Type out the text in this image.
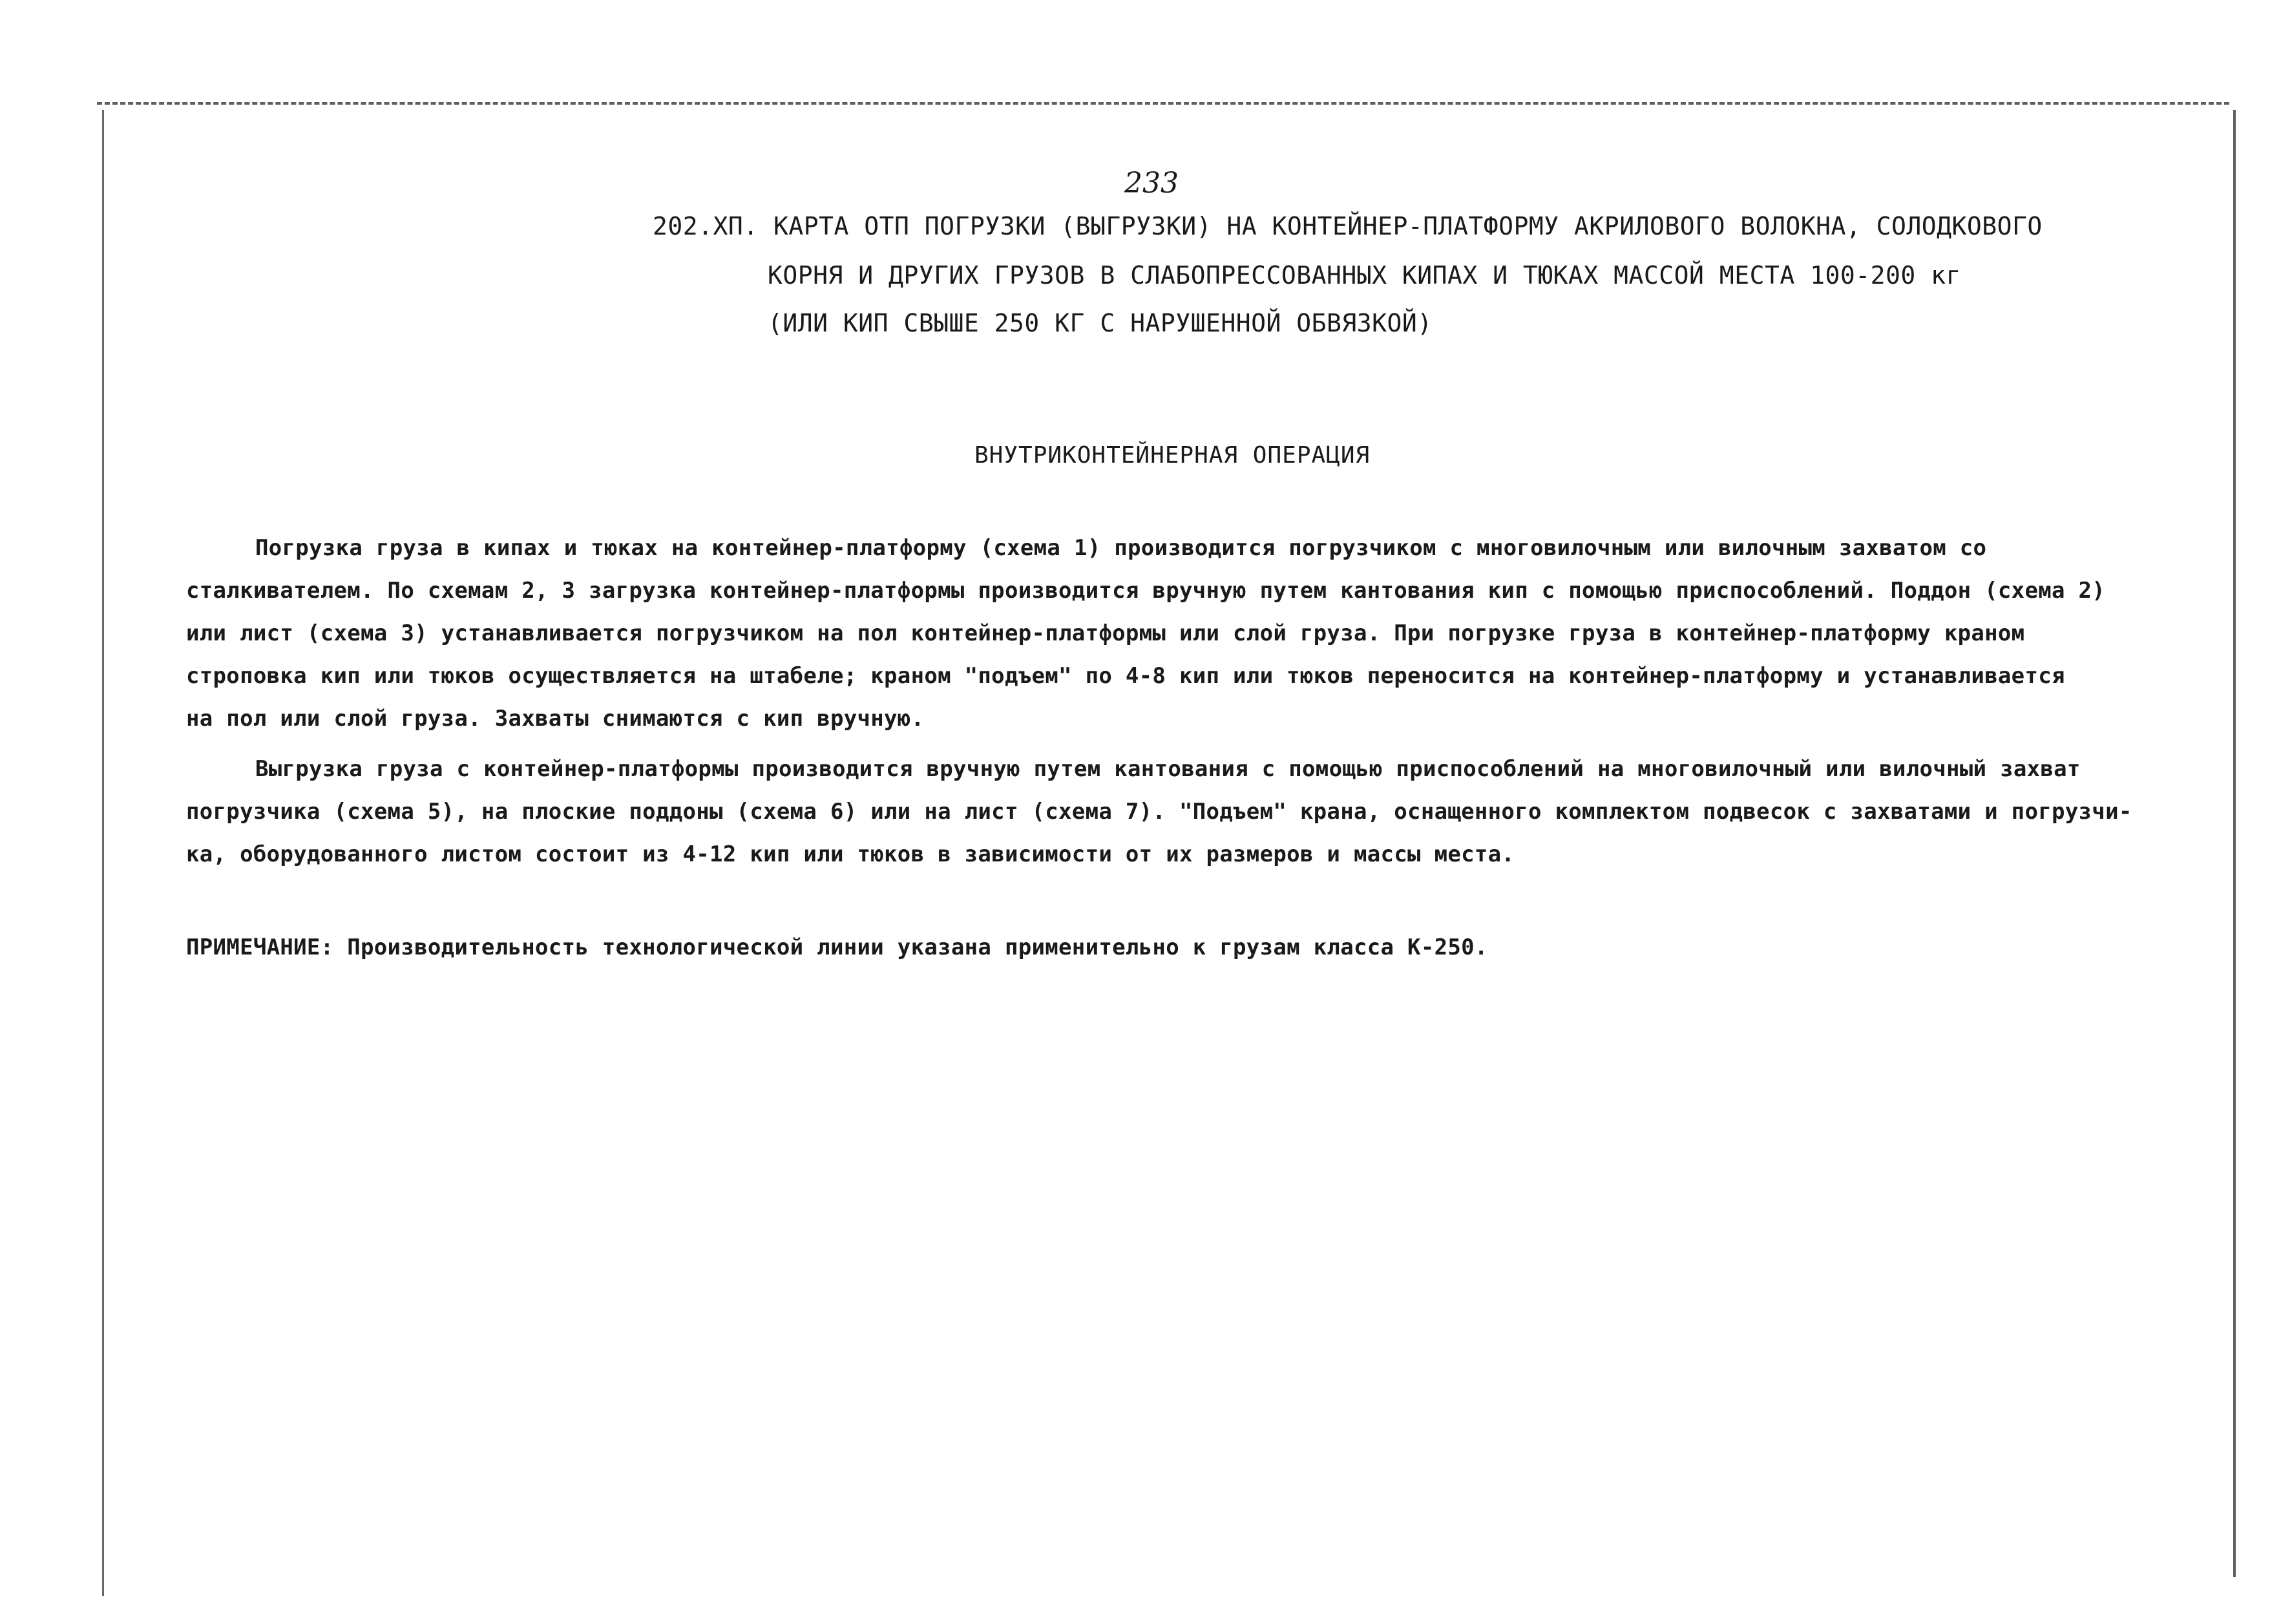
233
202.ХП. КАРТА ОТП ПОГРУЗКИ (ВЫГРУЗКИ) НА КОНТЕЙНЕР-ПЛАТФОРМУ АКРИЛОВОГО ВОЛОКНА, СОЛОДКОВОГО
КОРНЯ И ДРУГИХ ГРУЗОВ В СЛАБОПРЕССОВАННЫХ КИПАХ И ТЮКАХ МАССОЙ МЕСТА 100-200 кг
(ИЛИ КИП СВЫШЕ 250 КГ С НАРУШЕННОЙ ОБВЯЗКОЙ)
ВНУТРИКОНТЕЙНЕРНАЯ ОПЕРАЦИЯ
Погрузка груза в кипах и тюках на контейнер-платформу (схема 1) производится погрузчиком с многовилочным или вилочным захватом со
сталкивателем. По схемам 2, 3 загрузка контейнер-платформы производится вручную путем кантования кип с помощью приспособлений. Поддон (схема 2)
или лист (схема 3) устанавливается погрузчиком на пол контейнер-платформы или слой груза. При погрузке груза в контейнер-платформу краном
строповка кип или тюков осуществляется на штабеле; краном "подъем" по 4-8 кип или тюков переносится на контейнер-платформу и устанавливается
на пол или слой груза. Захваты снимаются с кип вручную.
Выгрузка груза с контейнер-платформы производится вручную путем кантования с помощью приспособлений на многовилочный или вилочный захват
погрузчика (схема 5), на плоские поддоны (схема 6) или на лист (схема 7). "Подъем" крана, оснащенного комплектом подвесок с захватами и погрузчи-
ка, оборудованного листом состоит из 4-12 кип или тюков в зависимости от их размеров и массы места.
ПРИМЕЧАНИЕ: Производительность технологической линии указана применительно к грузам класса К-250.
